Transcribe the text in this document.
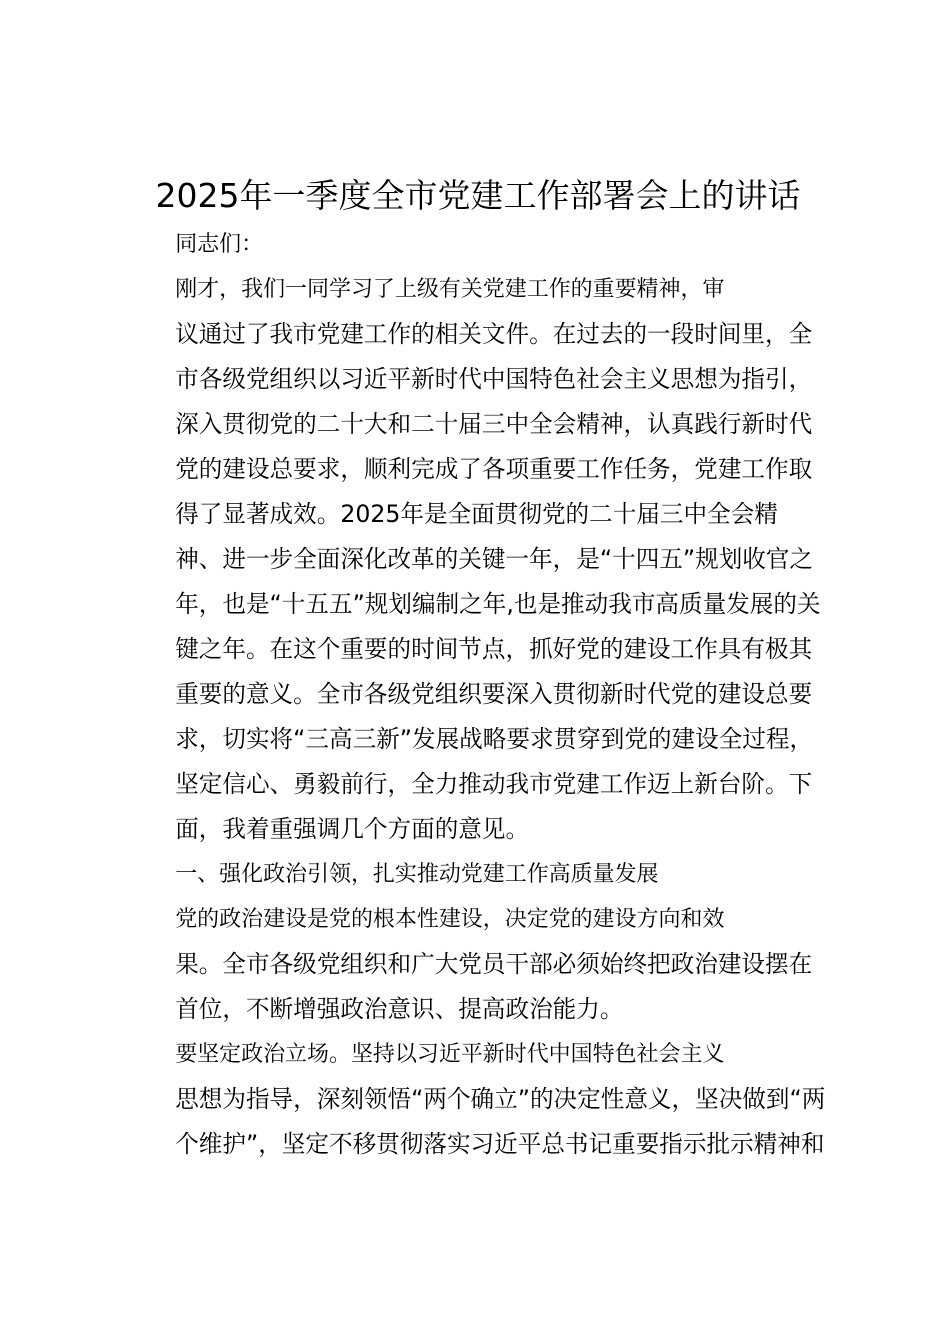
2025年一季度全市党建工作部署会上的讲话

同志们：

刚才，我们一同学习了上级有关党建工作的重要精神，审
议通过了我市党建工作的相关文件。在过去的一段时间里，全
市各级党组织以习近平新时代中国特色社会主义思想为指引，
深入贯彻党的二十大和二十届三中全会精神，认真践行新时代
党的建设总要求，顺利完成了各项重要工作任务，党建工作取
得了显著成效。2025年是全面贯彻党的二十届三中全会精
神、进一步全面深化改革的关键一年，是“十四五”规划收官之
年，也是“十五五”规划编制之年,也是推动我市高质量发展的关
键之年。在这个重要的时间节点，抓好党的建设工作具有极其
重要的意义。全市各级党组织要深入贯彻新时代党的建设总要
求，切实将“三高三新”发展战略要求贯穿到党的建设全过程，
坚定信心、勇毅前行，全力推动我市党建工作迈上新台阶。下
面，我着重强调几个方面的意见。

一、强化政治引领，扎实推动党建工作高质量发展

党的政治建设是党的根本性建设，决定党的建设方向和效
果。全市各级党组织和广大党员干部必须始终把政治建设摆在
首位，不断增强政治意识、提高政治能力。

要坚定政治立场。坚持以习近平新时代中国特色社会主义
思想为指导，深刻领悟“两个确立”的决定性意义，坚决做到“两
个维护”，坚定不移贯彻落实习近平总书记重要指示批示精神和
